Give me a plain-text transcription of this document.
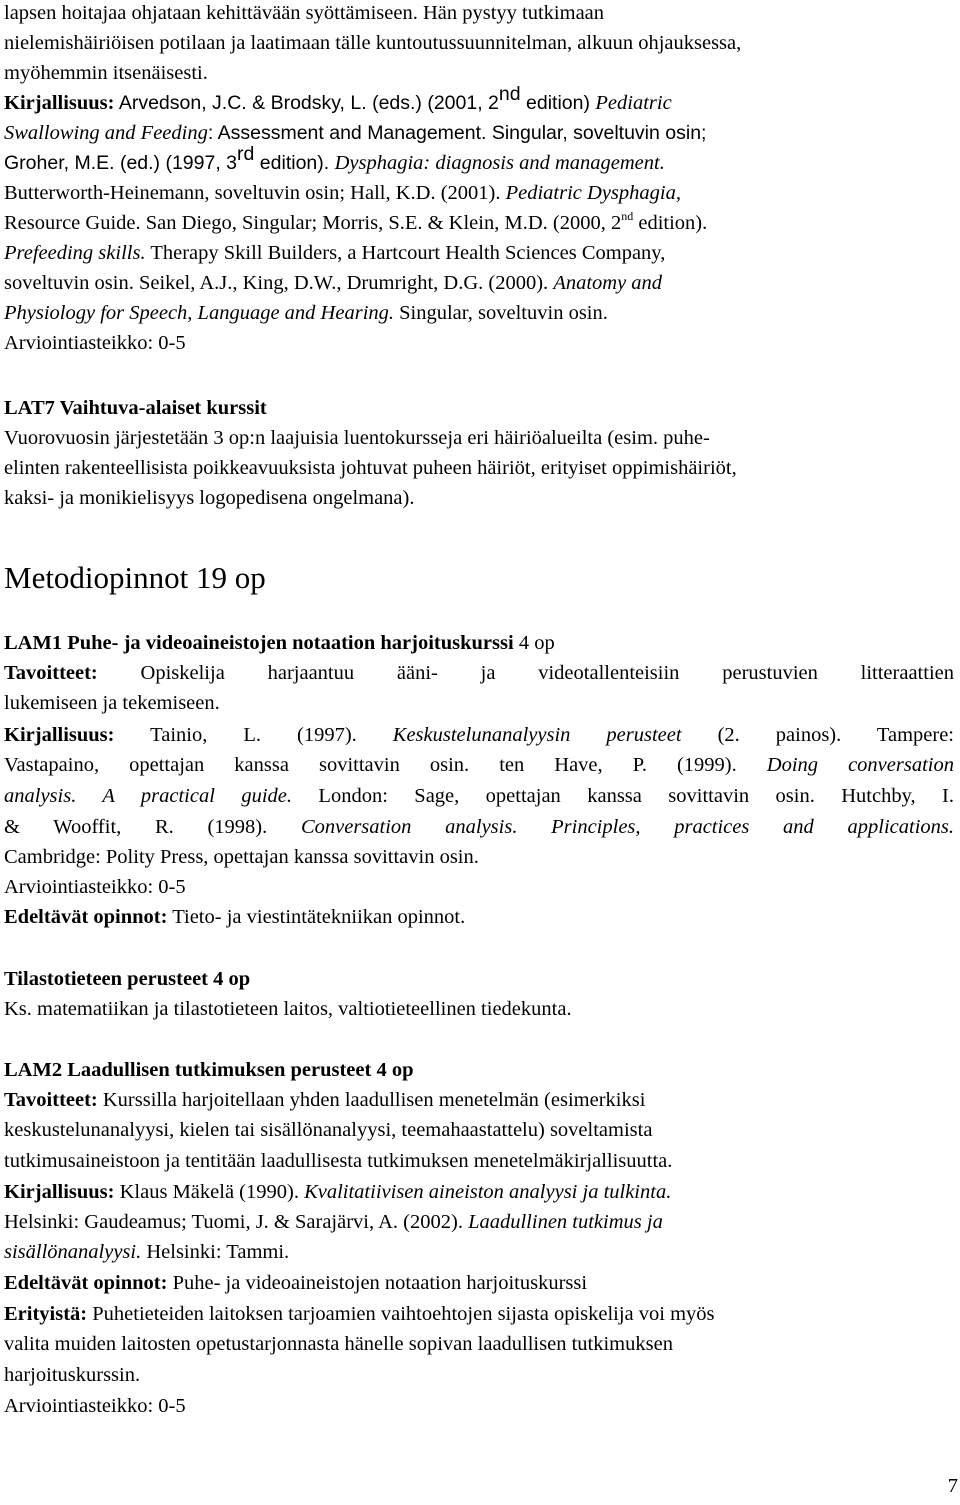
lapsen hoitajaa ohjataan kehittävään syöttämiseen. Hän pystyy tutkimaan
nielemishäiriöisen potilaan ja laatimaan tälle kuntoutussuunnitelman, alkuun ohjauksessa,
myöhemmin itsenäisesti.
Kirjallisuus: Arvedson, J.C. & Brodsky, L. (eds.) (2001, 2nd edition) Pediatric
Swallowing and Feeding: Assessment and Management. Singular, soveltuvin osin;
Groher, M.E. (ed.) (1997, 3rd edition). Dysphagia: diagnosis and management.
Butterworth-Heinemann, soveltuvin osin; Hall, K.D. (2001). Pediatric Dysphagia,
Resource Guide. San Diego, Singular; Morris, S.E. & Klein, M.D. (2000, 2nd edition).
Prefeeding skills. Therapy Skill Builders, a Hartcourt Health Sciences Company,
soveltuvin osin. Seikel, A.J., King, D.W., Drumright, D.G. (2000). Anatomy and
Physiology for Speech, Language and Hearing. Singular, soveltuvin osin.
Arviointiasteikko: 0-5
LAT7 Vaihtuva-alaiset kurssit
Vuorovuosin järjestetään 3 op:n laajuisia luentokursseja eri häiriöalueilta (esim. puhe-
elinten rakenteellisista poikkeavuuksista johtuvat puheen häiriöt, erityiset oppimishäiriöt,
kaksi- ja monikielisyys logopedisena ongelmana).
Metodiopinnot 19 op
LAM1 Puhe- ja videoaineistojen notaation harjoituskurssi 4 op
Tavoitteet: Opiskelija harjaantuu ääni- ja videotallenteisiin perustuvien litteraattien
lukemiseen ja tekemiseen.
Kirjallisuus: Tainio, L. (1997). Keskustelunanalyysin perusteet (2. painos). Tampere:
Vastapaino, opettajan kanssa sovittavin osin. ten Have, P. (1999). Doing conversation
analysis. A practical guide. London: Sage, opettajan kanssa sovittavin osin. Hutchby, I.
& Wooffit, R. (1998). Conversation analysis. Principles, practices and applications.
Cambridge: Polity Press, opettajan kanssa sovittavin osin.
Arviointiasteikko: 0-5
Edeltävät opinnot: Tieto- ja viestintätekniikan opinnot.
Tilastotieteen perusteet 4 op
Ks. matematiikan ja tilastotieteen laitos, valtiotieteellinen tiedekunta.
LAM2 Laadullisen tutkimuksen perusteet 4 op
Tavoitteet: Kurssilla harjoitellaan yhden laadullisen menetelmän (esimerkiksi
keskustelunanalyysi, kielen tai sisällönanalyysi, teemahaastattelu) soveltamista
tutkimusaineistoon ja tentitään laadullisesta tutkimuksen menetelmäkirjallisuutta.
Kirjallisuus: Klaus Mäkelä (1990). Kvalitatiivisen aineiston analyysi ja tulkinta.
Helsinki: Gaudeamus; Tuomi, J. & Sarajärvi, A. (2002). Laadullinen tutkimus ja
sisällönanalyysi. Helsinki: Tammi.
Edeltävät opinnot: Puhe- ja videoaineistojen notaation harjoituskurssi
Erityistä: Puhetieteiden laitoksen tarjoamien vaihtoehtojen sijasta opiskelija voi myös
valita muiden laitosten opetustarjonnasta hänelle sopivan laadullisen tutkimuksen
harjoituskurssin.
Arviointiasteikko: 0-5
7
